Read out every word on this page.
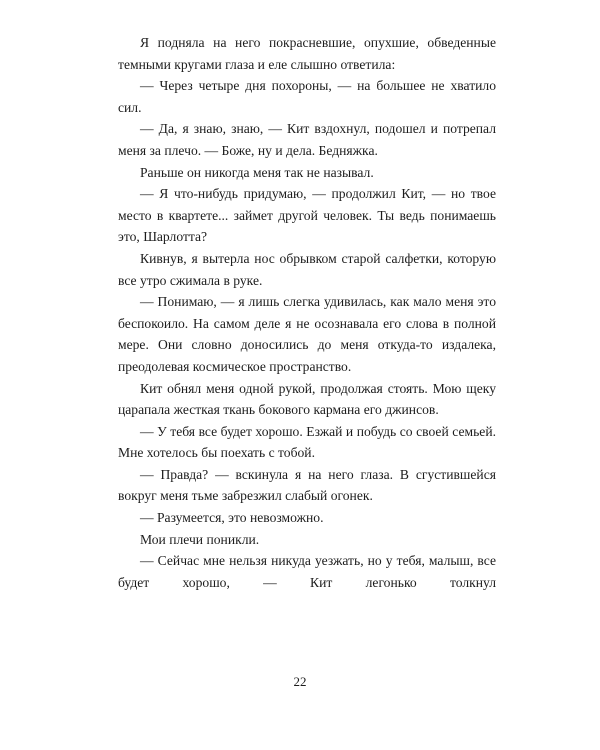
Я подняла на него покрасневшие, опухшие, обведенные темными кругами глаза и еле слышно ответила:

— Через четыре дня похороны, — на большее не хватило сил.

— Да, я знаю, знаю, — Кит вздохнул, подошел и потрепал меня за плечо. — Боже, ну и дела. Бедняжка.

Раньше он никогда меня так не называл.

— Я что-нибудь придумаю, — продолжил Кит, — но твое место в квартете... займет другой человек. Ты ведь понимаешь это, Шарлотта?

Кивнув, я вытерла нос обрывком старой салфетки, которую все утро сжимала в руке.

— Понимаю, — я лишь слегка удивилась, как мало меня это беспокоило. На самом деле я не осознавала его слова в полной мере. Они словно доносились до меня откуда-то издалека, преодолевая космическое пространство.

Кит обнял меня одной рукой, продолжая стоять. Мою щеку царапала жесткая ткань бокового кармана его джинсов.

— У тебя все будет хорошо. Езжай и побудь со своей семьей. Мне хотелось бы поехать с тобой.

— Правда? — вскинула я на него глаза. В сгустившейся вокруг меня тьме забрезжил слабый огонек.

— Разумеется, это невозможно.

Мои плечи поникли.

— Сейчас мне нельзя никуда уезжать, но у тебя, малыш, все будет хорошо, — Кит легонько толкнул

22
